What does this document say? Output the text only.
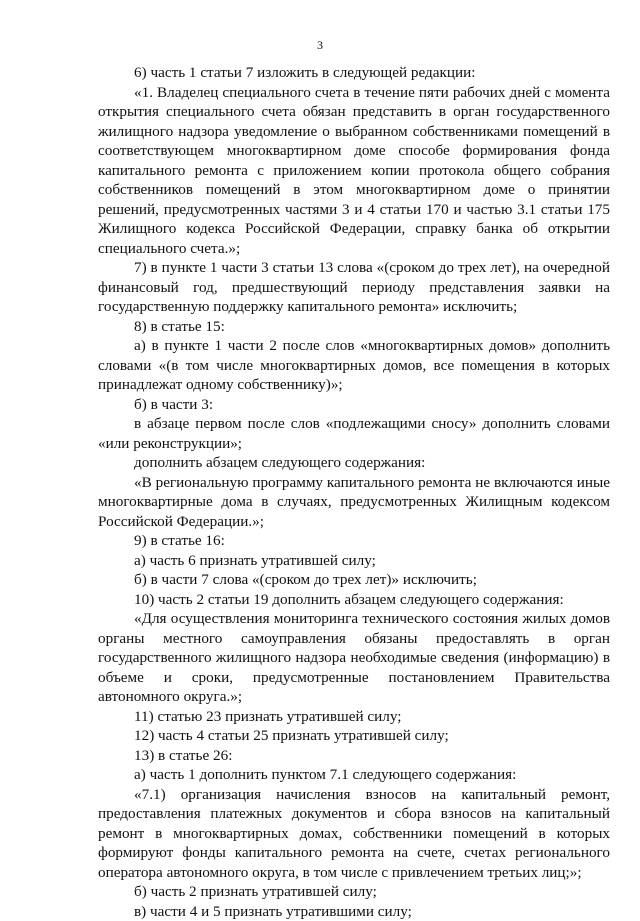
3

6) часть 1 статьи 7 изложить в следующей редакции:

«1. Владелец специального счета в течение пяти рабочих дней с момента открытия специального счета обязан представить в орган государственного жилищного надзора уведомление о выбранном собственниками помещений в соответствующем многоквартирном доме способе формирования фонда капитального ремонта с приложением копии протокола общего собрания собственников помещений в этом многоквартирном доме о принятии решений, предусмотренных частями 3 и 4 статьи 170 и частью 3.1 статьи 175 Жилищного кодекса Российской Федерации, справку банка об открытии специального счета.»;

7) в пункте 1 части 3 статьи 13 слова «(сроком до трех лет), на очередной финансовый год, предшествующий периоду представления заявки на государственную поддержку капитального ремонта» исключить;

8) в статье 15:

а) в пункте 1 части 2 после слов «многоквартирных домов» дополнить словами «(в том числе многоквартирных домов, все помещения в которых принадлежат одному собственнику)»;

б) в части 3:

в абзаце первом после слов «подлежащими сносу» дополнить словами «или реконструкции»;

дополнить абзацем следующего содержания:

«В региональную программу капитального ремонта не включаются иные многоквартирные дома в случаях, предусмотренных Жилищным кодексом Российской Федерации.»;

9) в статье 16:

а) часть 6 признать утратившей силу;

б) в части 7 слова «(сроком до трех лет)» исключить;

10) часть 2 статьи 19 дополнить абзацем следующего содержания:

«Для осуществления мониторинга технического состояния жилых домов органы местного самоуправления обязаны предоставлять в орган государственного жилищного надзора необходимые сведения (информацию) в объеме и сроки, предусмотренные постановлением Правительства автономного округа.»;

11) статью 23 признать утратившей силу;

12) часть 4 статьи 25 признать утратившей силу;

13) в статье 26:

а) часть 1 дополнить пунктом 7.1 следующего содержания:

«7.1) организация начисления взносов на капитальный ремонт, предоставления платежных документов и сбора взносов на капитальный ремонт в многоквартирных домах, собственники помещений в которых формируют фонды капитального ремонта на счете, счетах регионального оператора автономного округа, в том числе с привлечением третьих лиц;»;

б) часть 2 признать утратившей силу;

в) части 4 и 5 признать утратившими силу;
